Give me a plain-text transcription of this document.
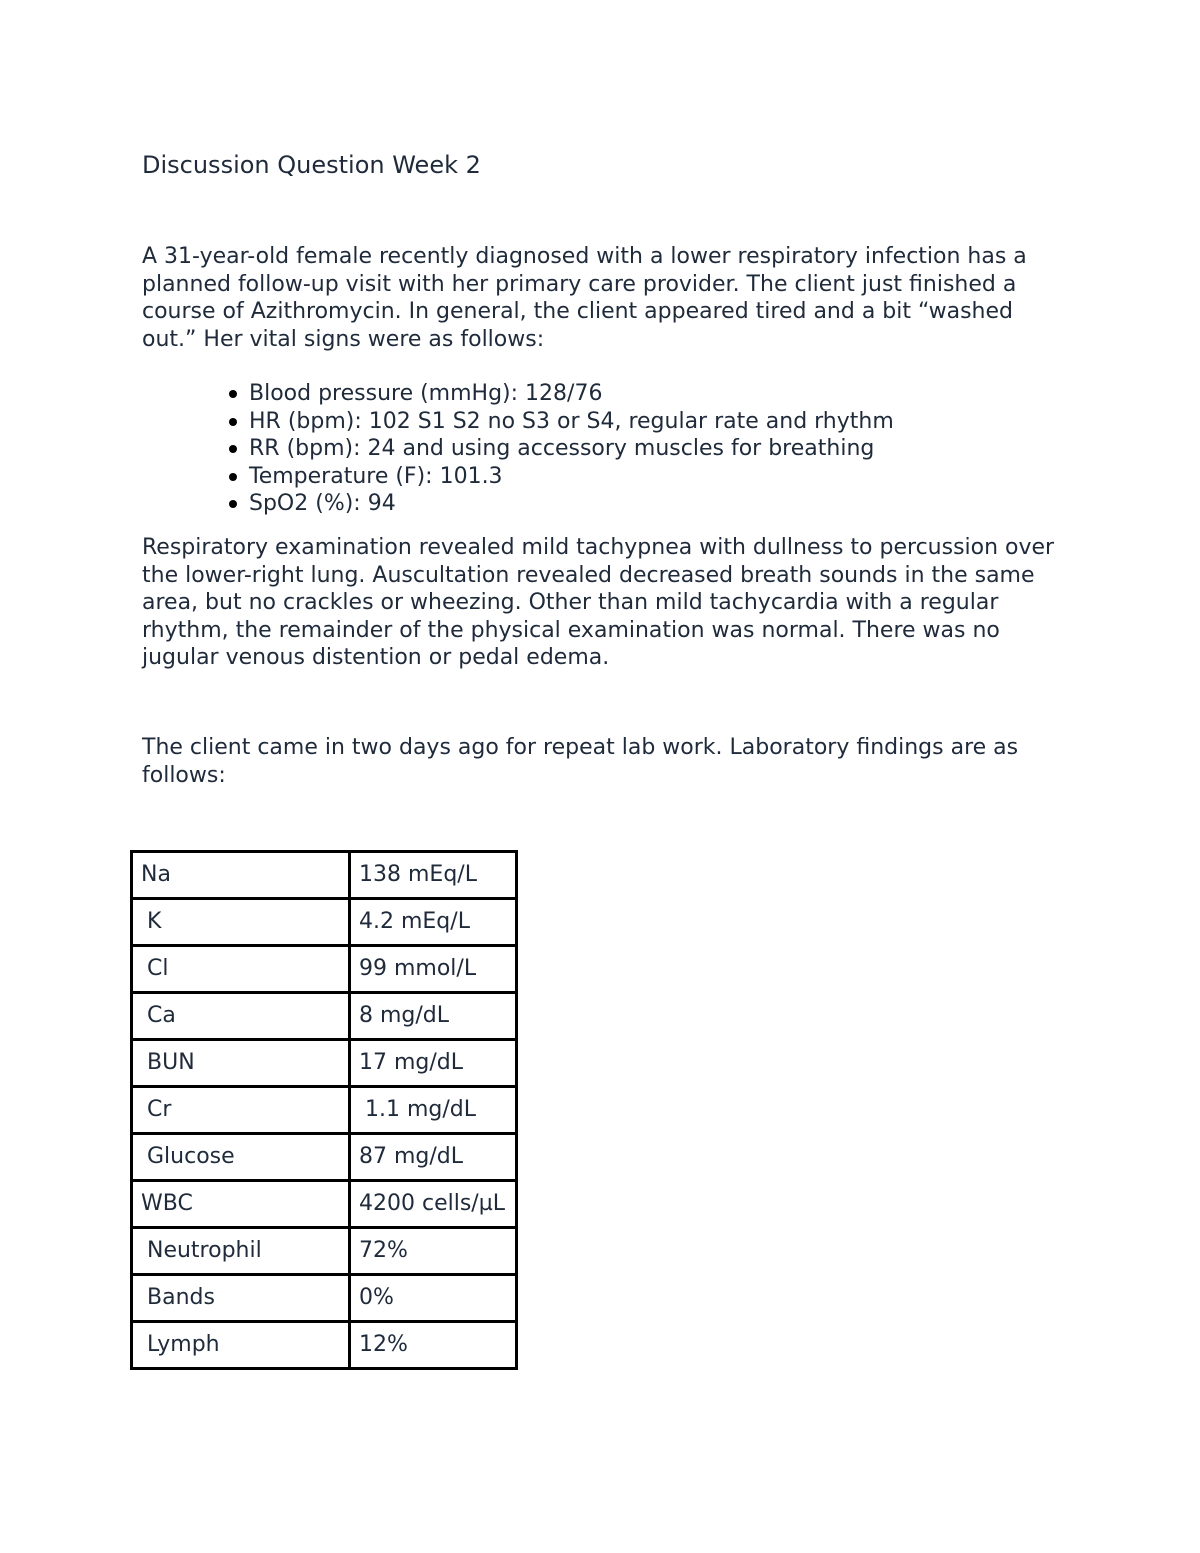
Discussion Question Week 2

A 31-year-old female recently diagnosed with a lower respiratory infection has a planned follow-up visit with her primary care provider. The client just finished a course of Azithromycin. In general, the client appeared tired and a bit “washed out.” Her vital signs were as follows:

Blood pressure (mmHg): 128/76
HR (bpm): 102 S1 S2 no S3 or S4, regular rate and rhythm
RR (bpm): 24 and using accessory muscles for breathing
Temperature (F): 101.3
SpO2 (%): 94

Respiratory examination revealed mild tachypnea with dullness to percussion over the lower-right lung. Auscultation revealed decreased breath sounds in the same area, but no crackles or wheezing. Other than mild tachycardia with a regular rhythm, the remainder of the physical examination was normal. There was no jugular venous distention or pedal edema.

The client came in two days ago for repeat lab work. Laboratory findings are as follows:

Na	138 mEq/L
K	4.2 mEq/L
Cl	99 mmol/L
Ca	8 mg/dL
BUN	17 mg/dL
Cr	1.1 mg/dL
Glucose	87 mg/dL
WBC	4200 cells/µL
Neutrophil	72%
Bands	0%
Lymph	12%
